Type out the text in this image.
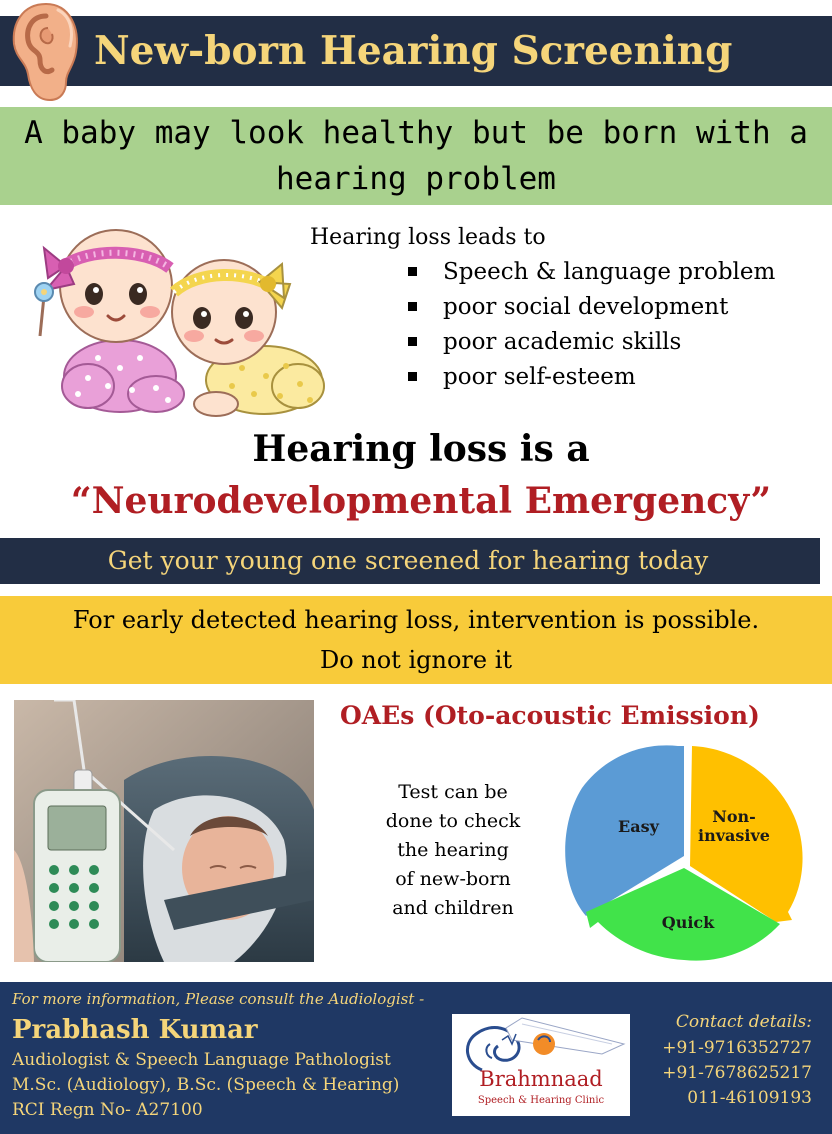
New-born Hearing Screening
A baby may look healthy but be born with a
hearing problem
Hearing loss leads to
Speech & language problem
poor social development
poor academic skills
poor self-esteem
Hearing loss is a
“Neurodevelopmental Emergency”
Get your young one screened for hearing today
For early detected hearing loss, intervention is possible.
Do not ignore it
OAEs (Oto-acoustic Emission)
Test can be
done to check
the hearing
of new-born
and children
Easy
Non-
invasive
Quick
For more information, Please consult the Audiologist -
Prabhash Kumar
Audiologist & Speech Language Pathologist
M.Sc. (Audiology), B.Sc. (Speech & Hearing)
RCI Regn No- A27100
Brahmnaad
Speech & Hearing Clinic
Contact details:
+91-9716352727
+91-7678625217
011-46109193
